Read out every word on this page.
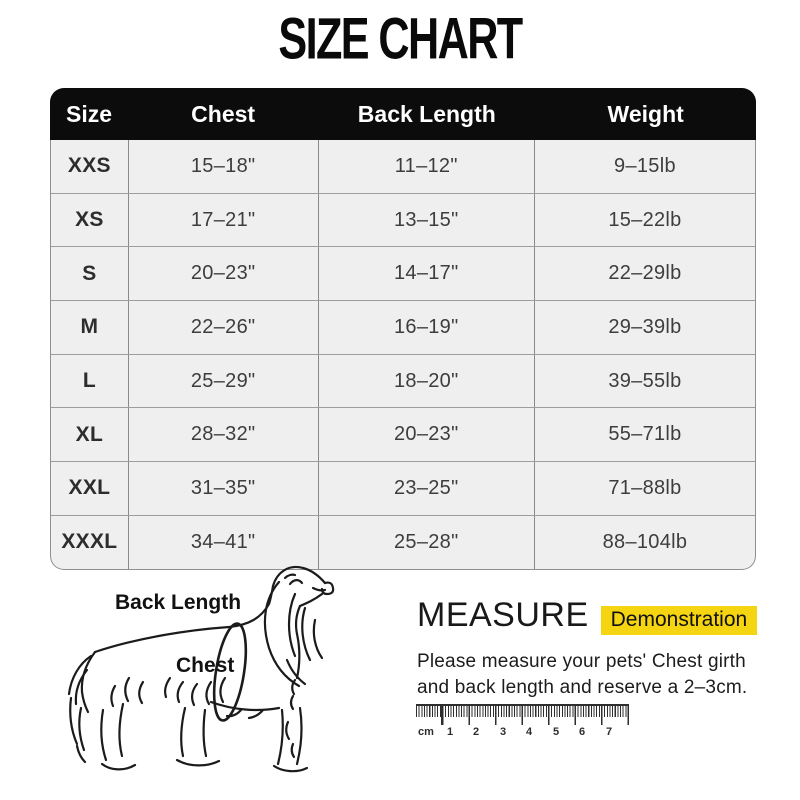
SIZE CHART
Size	Chest	Back Length	Weight
XXS	15–18"	11–12"	9–15lb
XS	17–21"	13–15"	15–22lb
S	20–23"	14–17"	22–29lb
M	22–26"	16–19"	29–39lb
L	25–29"	18–20"	39–55lb
XL	28–32"	20–23"	55–71lb
XXL	31–35"	23–25"	71–88lb
XXXL	34–41"	25–28"	88–104lb
Back Length
Chest
MEASURE	Demonstration
Please measure your pets' Chest girth
and back length and reserve a 2–3cm.
cm 1 2 3 4 5 6 7
